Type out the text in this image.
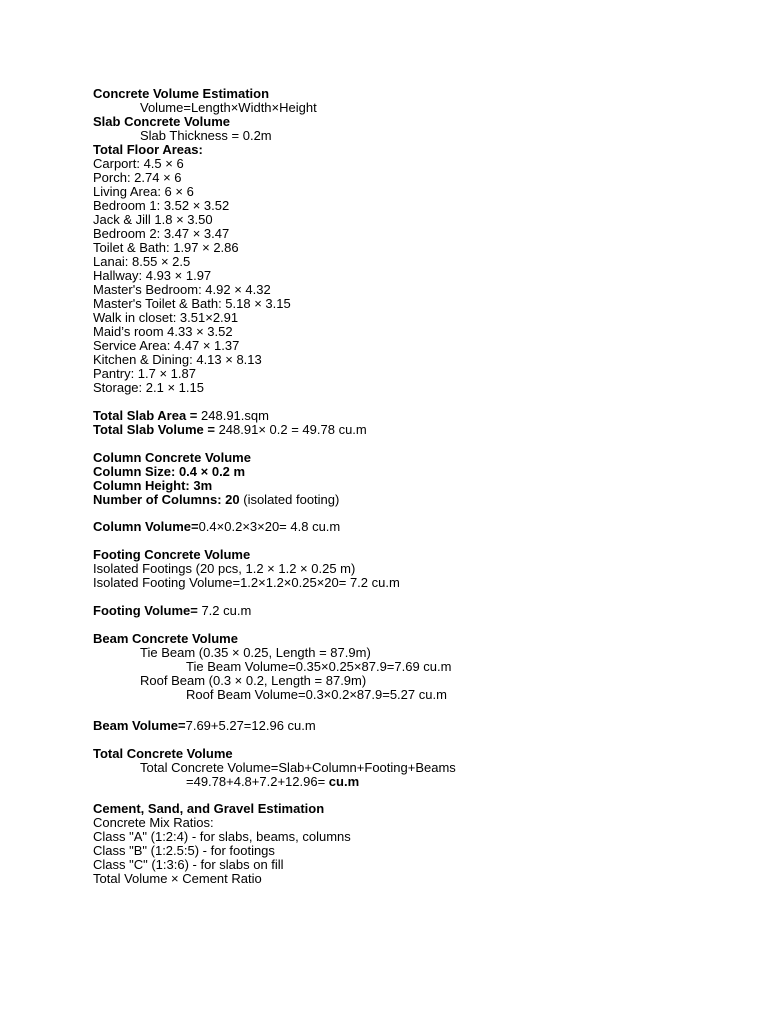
Concrete Volume Estimation
Volume=Length×Width×Height
Slab Concrete Volume
Slab Thickness = 0.2m
Total Floor Areas:
Carport: 4.5 × 6
Porch: 2.74 × 6
Living Area: 6 × 6
Bedroom 1: 3.52 × 3.52
Jack & Jill 1.8 × 3.50
Bedroom 2: 3.47 × 3.47
Toilet & Bath: 1.97 × 2.86
Lanai: 8.55 × 2.5
Hallway: 4.93 × 1.97
Master's Bedroom: 4.92 × 4.32
Master's Toilet & Bath: 5.18 × 3.15
Walk in closet: 3.51×2.91
Maid’s room 4.33 × 3.52
Service Area: 4.47 × 1.37
Kitchen & Dining: 4.13 × 8.13
Pantry: 1.7 × 1.87
Storage: 2.1 × 1.15
Total Slab Area = 248.91.sqm
Total Slab Volume = 248.91× 0.2 = 49.78 cu.m
Column Concrete Volume
Column Size: 0.4 × 0.2 m
Column Height: 3m
Number of Columns: 20 (isolated footing)
Column Volume=0.4×0.2×3×20= 4.8 cu.m
Footing Concrete Volume
Isolated Footings (20 pcs, 1.2 × 1.2 × 0.25 m)
Isolated Footing Volume=1.2×1.2×0.25×20= 7.2 cu.m
Footing Volume= 7.2 cu.m
Beam Concrete Volume
Tie Beam (0.35 × 0.25, Length = 87.9m)
Tie Beam Volume=0.35×0.25×87.9=7.69 cu.m
Roof Beam (0.3 × 0.2, Length = 87.9m)
Roof Beam Volume=0.3×0.2×87.9=5.27 cu.m
Beam Volume=7.69+5.27=12.96 cu.m
Total Concrete Volume
Total Concrete Volume=Slab+Column+Footing+Beams
=49.78+4.8+7.2+12.96= cu.m
Cement, Sand, and Gravel Estimation
Concrete Mix Ratios:
Class "A" (1:2:4) - for slabs, beams, columns
Class "B" (1:2.5:5) - for footings
Class "C" (1:3:6) - for slabs on fill
Total Volume × Cement Ratio
